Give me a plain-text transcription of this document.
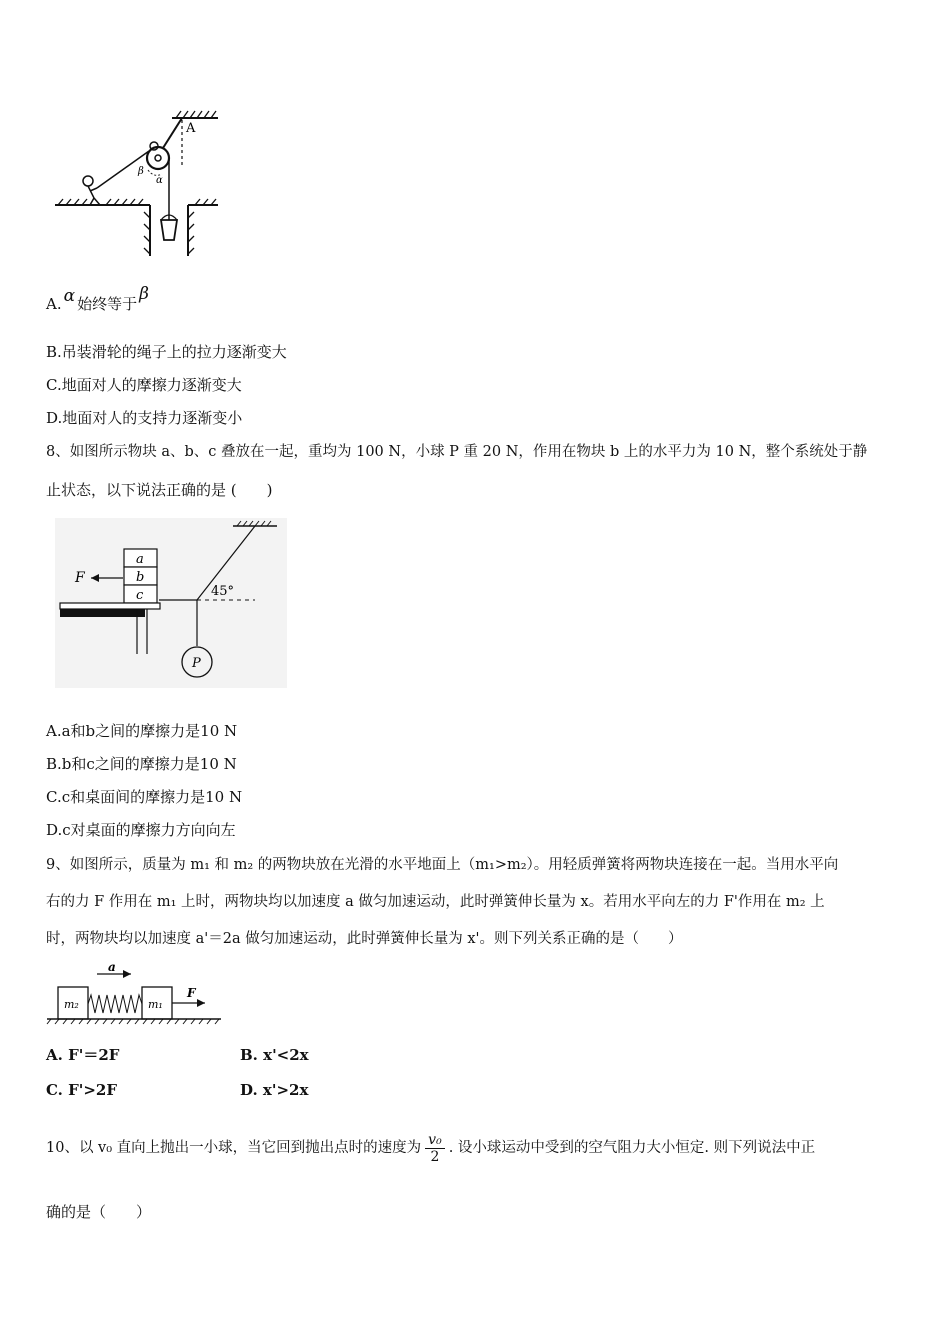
A
β
α
A. α 始终等于 β
B.吊装滑轮的绳子上的拉力逐渐变大
C.地面对人的摩擦力逐渐变大
D.地面对人的支持力逐渐变小
8、如图所示物块 a、b、c 叠放在一起，重均为 100 N，小球 P 重 20 N，作用在物块 b 上的水平力为 10 N，整个系统处于静
止状态，以下说法正确的是 (　　)
a
b
c
F
45°
P
A.a和b之间的摩擦力是10 N
B.b和c之间的摩擦力是10 N
C.c和桌面间的摩擦力是10 N
D.c对桌面的摩擦力方向向左
9、如图所示，质量为 m₁ 和 m₂ 的两物块放在光滑的水平地面上（m₁>m₂）。用轻质弹簧将两物块连接在一起。当用水平向
右的力 F 作用在 m₁ 上时，两物块均以加速度 a 做匀加速运动，此时弹簧伸长量为 x。若用水平向左的力 F'作用在 m₂ 上
时，两物块均以加速度 a'＝2a 做匀加速运动，此时弹簧伸长量为 x'。则下列关系正确的是（　　）
a
F
m₂	m₁
A. F'＝2F	B. x'<2x
C. F'>2F	D. x'>2x
10、以 v₀ 直向上抛出一小球，当它回到抛出点时的速度为 $\frac{\text{v₀}}{2}$ . 设小球运动中受到的空气阻力大小恒定. 则下列说法中正
确的是（　　）
